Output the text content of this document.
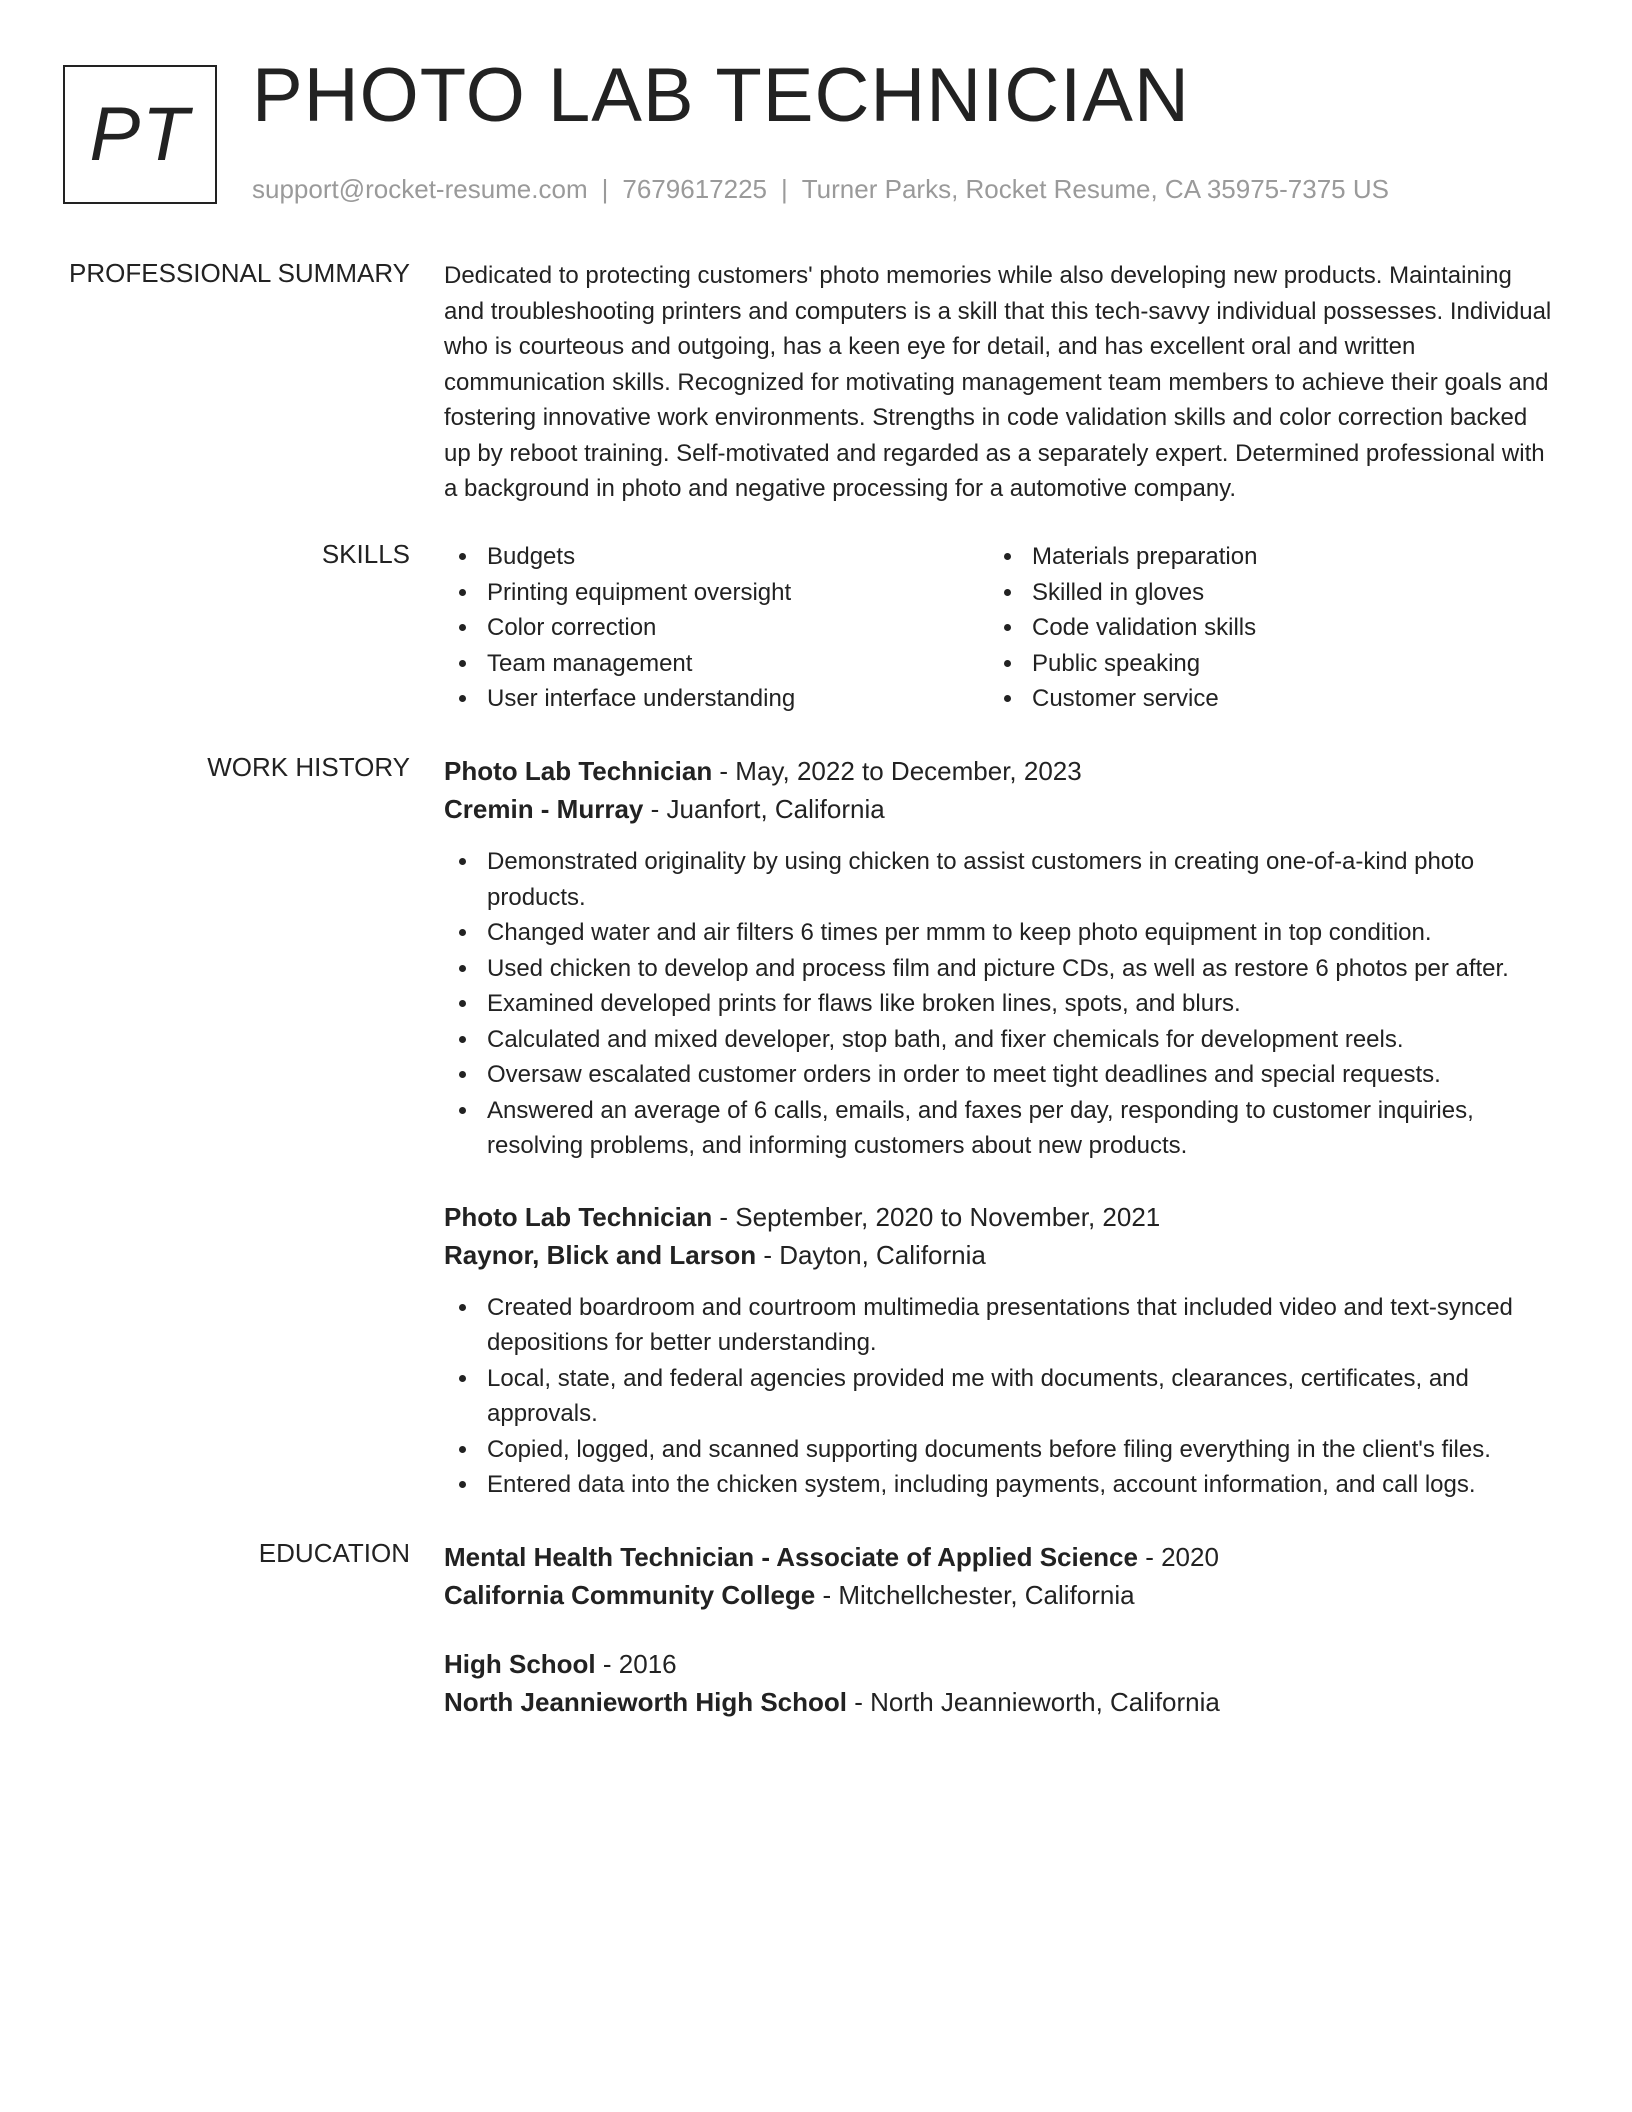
PT PHOTO LAB TECHNICIAN
support@rocket-resume.com | 7679617225 | Turner Parks, Rocket Resume, CA 35975-7375 US
PROFESSIONAL SUMMARY Dedicated to protecting customers' photo memories while also developing new products. Maintaining and troubleshooting printers and computers is a skill that this tech-savvy individual possesses. Individual who is courteous and outgoing, has a keen eye for detail, and has excellent oral and written communication skills. Recognized for motivating management team members to achieve their goals and fostering innovative work environments. Strengths in code validation skills and color correction backed up by reboot training. Self-motivated and regarded as a separately expert. Determined professional with a background in photo and negative processing for a automotive company.
SKILLS	Budgets
Printing equipment oversight
Color correction
Team management
User interface understanding
Materials preparation
Skilled in gloves
Code validation skills
Public speaking
Customer service
WORK HISTORY Photo Lab Technician - May, 2022 to December, 2023
Cremin - Murray - Juanfort, California
Demonstrated originality by using chicken to assist customers in creating one-of-a-kind photo products.
Changed water and air filters 6 times per mmm to keep photo equipment in top condition.
Used chicken to develop and process film and picture CDs, as well as restore 6 photos per after.
Examined developed prints for flaws like broken lines, spots, and blurs.
Calculated and mixed developer, stop bath, and fixer chemicals for development reels.
Oversaw escalated customer orders in order to meet tight deadlines and special requests.
Answered an average of 6 calls, emails, and faxes per day, responding to customer inquiries, resolving problems, and informing customers about new products.
Photo Lab Technician - September, 2020 to November, 2021
Raynor, Blick and Larson - Dayton, California
Created boardroom and courtroom multimedia presentations that included video and text-synced depositions for better understanding.
Local, state, and federal agencies provided me with documents, clearances, certificates, and approvals.
Copied, logged, and scanned supporting documents before filing everything in the client's files.
Entered data into the chicken system, including payments, account information, and call logs.
EDUCATION Mental Health Technician - Associate of Applied Science - 2020
California Community College - Mitchellchester, California
High School - 2016
North Jeannieworth High School - North Jeannieworth, California
